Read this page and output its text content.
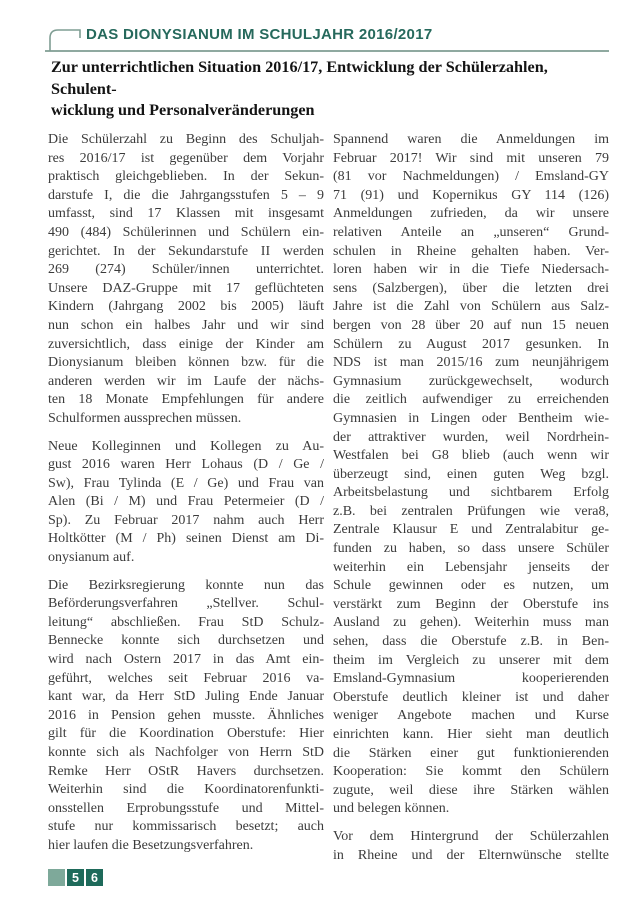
DAS DIONYSIANUM IM SCHULJAHR 2016/2017
Zur unterrichtlichen Situation 2016/17, Entwicklung der Schülerzahlen, Schulent-
wicklung und Personalveränderungen
Die Schülerzahl zu Beginn des Schuljah-
res 2016/17 ist gegenüber dem Vorjahr
praktisch gleichgeblieben. In der Sekun-
darstufe I, die die Jahrgangsstufen 5 – 9
umfasst, sind 17 Klassen mit insgesamt
490 (484) Schülerinnen und Schülern ein-
gerichtet. In der Sekundarstufe II werden
269 (274) Schüler/innen unterrichtet.
Unsere DAZ-Gruppe mit 17 geflüchteten
Kindern (Jahrgang 2002 bis 2005) läuft
nun schon ein halbes Jahr und wir sind
zuversichtlich, dass einige der Kinder am
Dionysianum bleiben können bzw. für die
anderen werden wir im Laufe der nächs-
ten 18 Monate Empfehlungen für andere
Schulformen aussprechen müssen.
Neue Kolleginnen und Kollegen zu Au-
gust 2016 waren Herr Lohaus (D / Ge /
Sw), Frau Tylinda (E / Ge) und Frau van
Alen (Bi / M) und Frau Petermeier (D /
Sp). Zu Februar 2017 nahm auch Herr
Holtkötter (M / Ph) seinen Dienst am Di-
onysianum auf.
Die Bezirksregierung konnte nun das
Beförderungsverfahren „Stellver. Schul-
leitung“ abschließen. Frau StD Schulz-
Bennecke konnte sich durchsetzen und
wird nach Ostern 2017 in das Amt ein-
geführt, welches seit Februar 2016 va-
kant war, da Herr StD Juling Ende Januar
2016 in Pension gehen musste. Ähnliches
gilt für die Koordination Oberstufe: Hier
konnte sich als Nachfolger von Herrn StD
Remke Herr OStR Havers durchsetzen.
Weiterhin sind die Koordinatorenfunkti-
onsstellen Erprobungsstufe und Mittel-
stufe nur kommissarisch besetzt; auch
hier laufen die Besetzungsverfahren.
Spannend waren die Anmeldungen im
Februar 2017! Wir sind mit unseren 79
(81 vor Nachmeldungen) / Emsland-GY
71 (91) und Kopernikus GY 114 (126)
Anmeldungen zufrieden, da wir unsere
relativen Anteile an „unseren“ Grund-
schulen in Rheine gehalten haben. Ver-
loren haben wir in die Tiefe Niedersach-
sens (Salzbergen), über die letzten drei
Jahre ist die Zahl von Schülern aus Salz-
bergen von 28 über 20 auf nun 15 neuen
Schülern zu August 2017 gesunken. In
NDS ist man 2015/16 zum neunjährigem
Gymnasium zurückgewechselt, wodurch
die zeitlich aufwendiger zu erreichenden
Gymnasien in Lingen oder Bentheim wie-
der attraktiver wurden, weil Nordrhein-
Westfalen bei G8 blieb (auch wenn wir
überzeugt sind, einen guten Weg bzgl.
Arbeitsbelastung und sichtbarem Erfolg
z.B. bei zentralen Prüfungen wie vera8,
Zentrale Klausur E und Zentralabitur ge-
funden zu haben, so dass unsere Schüler
weiterhin ein Lebensjahr jenseits der
Schule gewinnen oder es nutzen, um
verstärkt zum Beginn der Oberstufe ins
Ausland zu gehen). Weiterhin muss man
sehen, dass die Oberstufe z.B. in Ben-
theim im Vergleich zu unserer mit dem
Emsland-Gymnasium kooperierenden
Oberstufe deutlich kleiner ist und daher
weniger Angebote machen und Kurse
einrichten kann. Hier sieht man deutlich
die Stärken einer gut funktionierenden
Kooperation: Sie kommt den Schülern
zugute, weil diese ihre Stärken wählen
und belegen können.
Vor dem Hintergrund der Schülerzahlen
in Rheine und der Elternwünsche stellte
5 6
